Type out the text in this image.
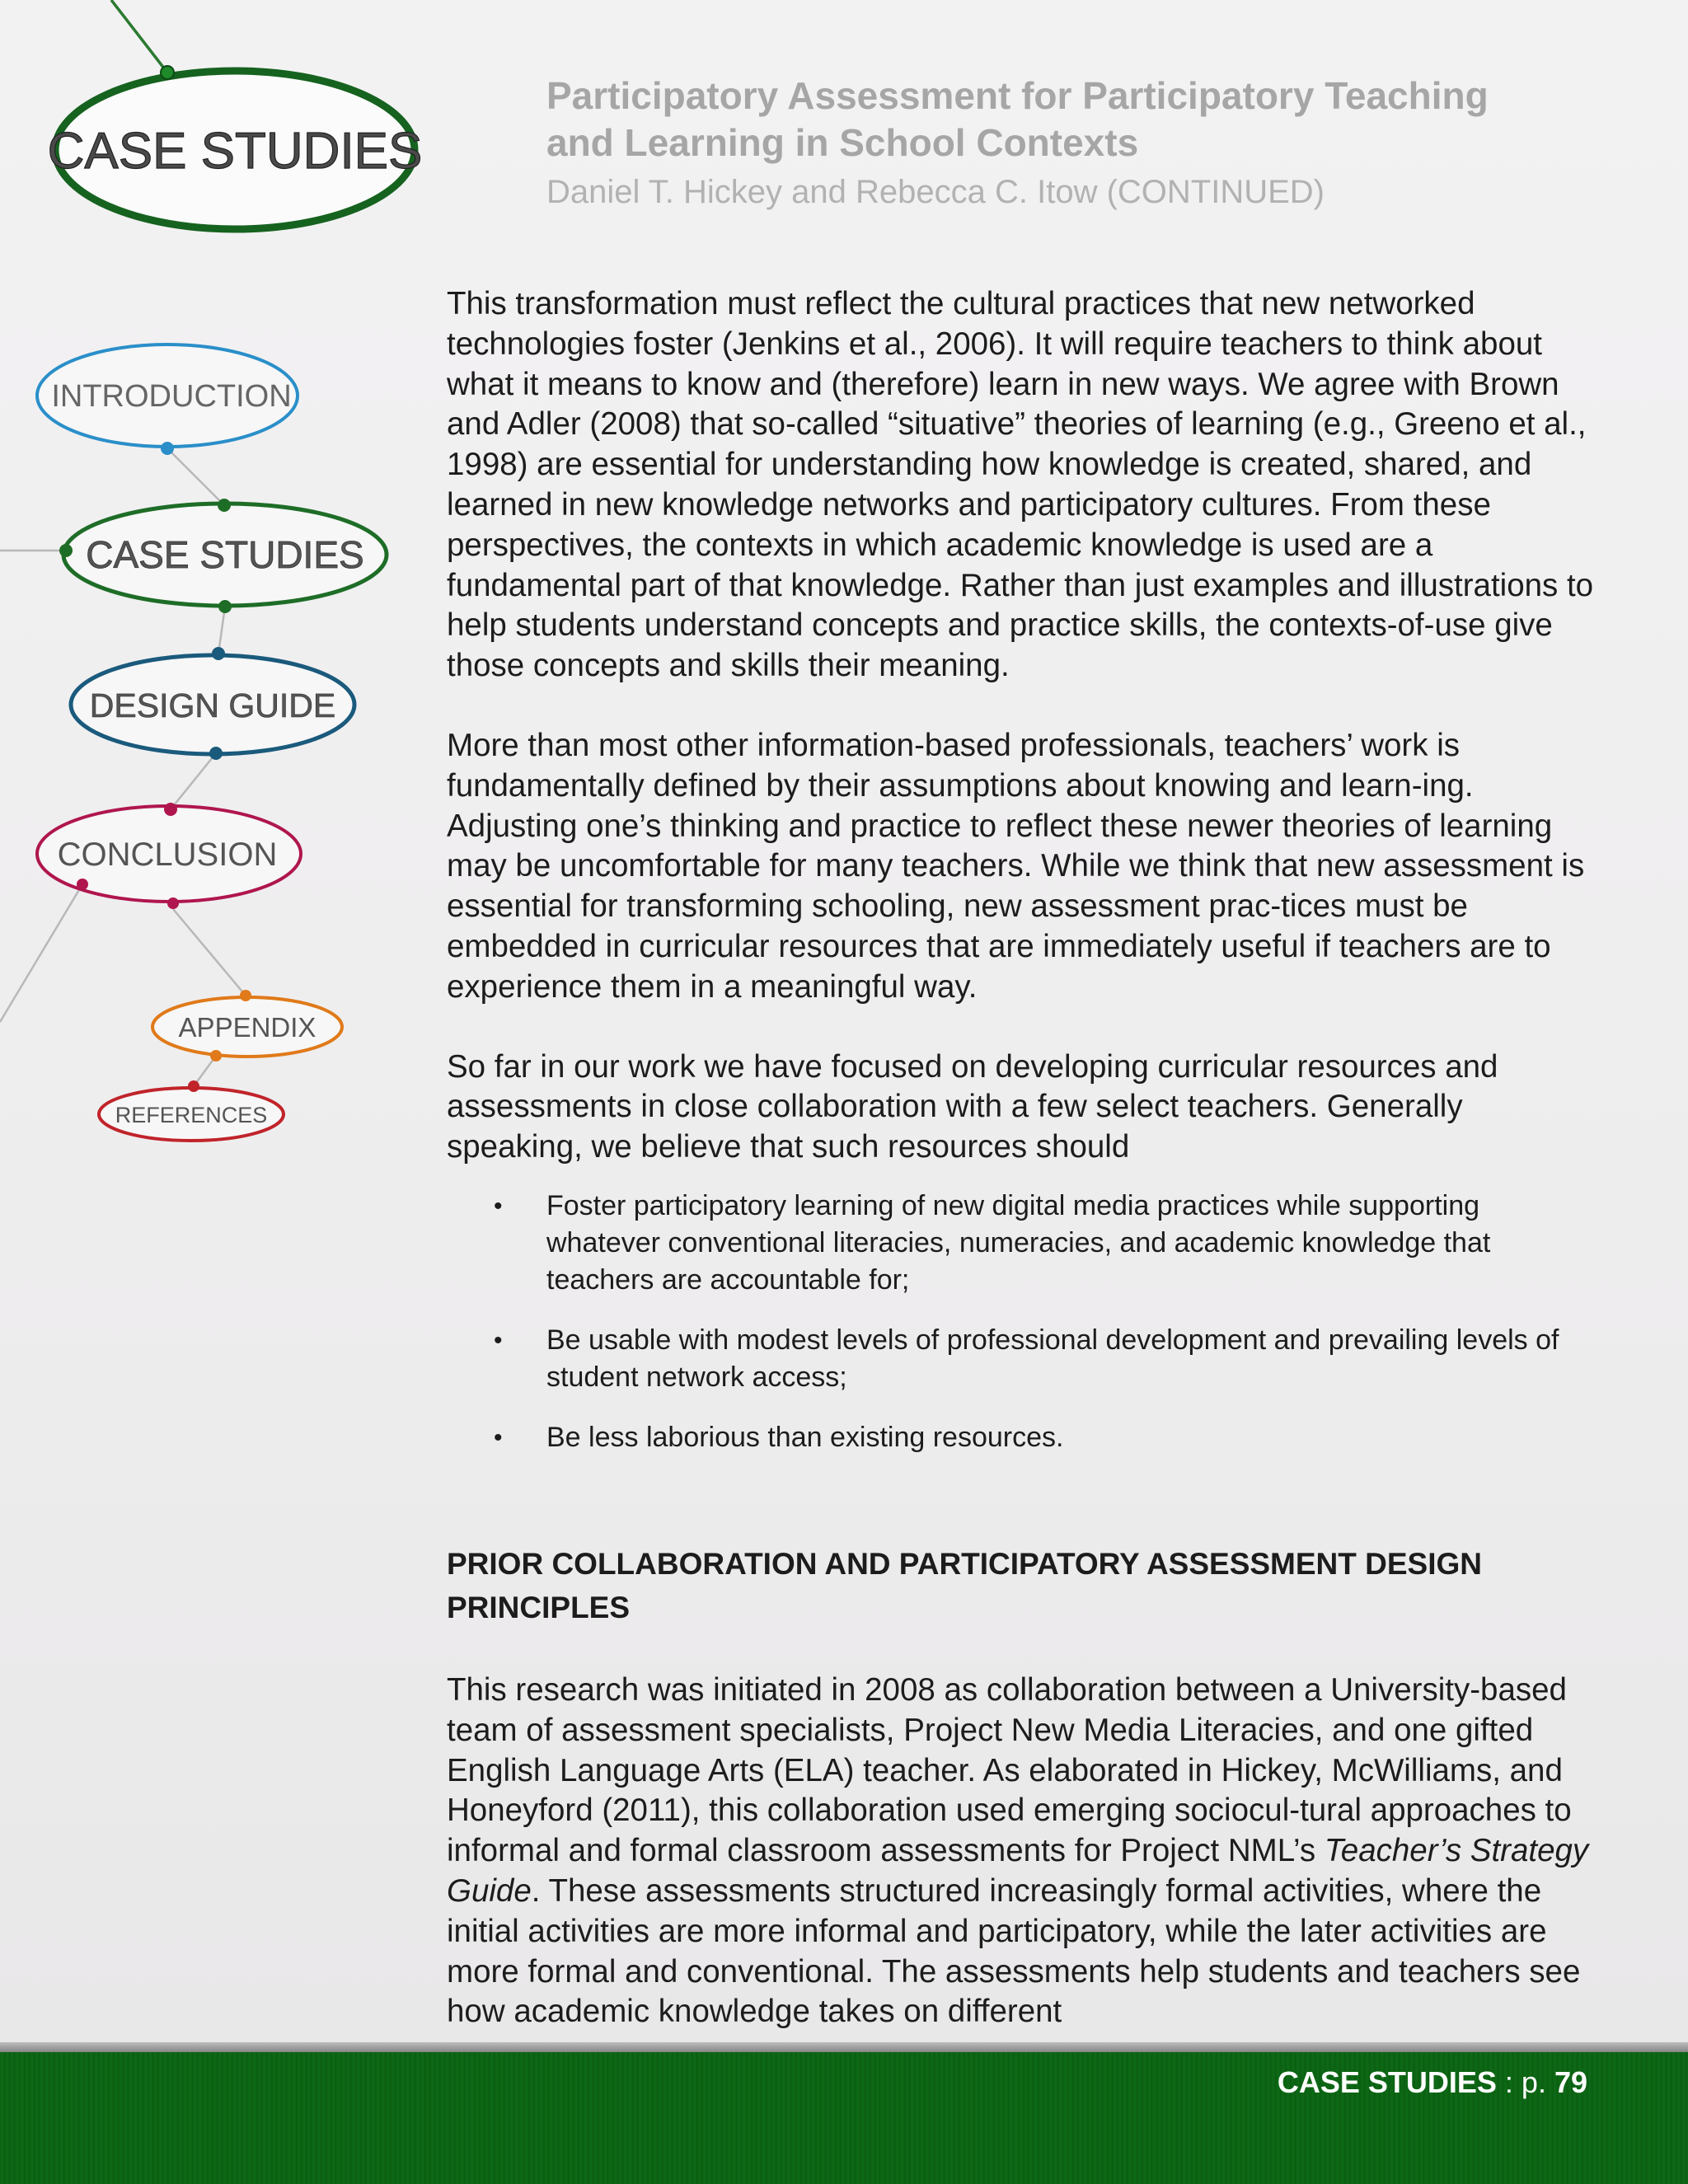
CASE STUDIES
INTRODUCTION
CASE STUDIES
DESIGN GUIDE
CONCLUSION
APPENDIX
REFERENCES
Participatory Assessment for Participatory Teaching
and Learning in School Contexts
Daniel T. Hickey and Rebecca C. Itow (CONTINUED)

This transformation must reflect the cultural practices that new networked technologies foster (Jenkins et al., 2006). It will require teachers to think about what it means to know and (therefore) learn in new ways. We agree with Brown and Adler (2008) that so-called “situative” theories of learning (e.g., Greeno et al., 1998) are essential for understanding how knowledge is created, shared, and learned in new knowledge networks and participatory cultures. From these perspectives, the contexts in which academic knowledge is used are a fundamental part of that knowledge. Rather than just examples and illustrations to help students understand concepts and practice skills, the contexts-of-use give those concepts and skills their meaning.

More than most other information-based professionals, teachers’ work is fundamentally defined by their assumptions about knowing and learn-ing. Adjusting one’s thinking and practice to reflect these newer theories of learning may be uncomfortable for many teachers. While we think that new assessment is essential for transforming schooling, new assessment prac-tices must be embedded in curricular resources that are immediately useful if teachers are to experience them in a meaningful way.

So far in our work we have focused on developing curricular resources and assessments in close collaboration with a few select teachers. Generally speaking, we believe that such resources should

• Foster participatory learning of new digital media practices while supporting whatever conventional literacies, numeracies, and academic knowledge that teachers are accountable for;
• Be usable with modest levels of professional development and prevailing levels of student network access;
• Be less laborious than existing resources.
PRIOR COLLABORATION AND PARTICIPATORY ASSESSMENT DESIGN PRINCIPLES

This research was initiated in 2008 as collaboration between a University-based team of assessment specialists, Project New Media Literacies, and one gifted English Language Arts (ELA) teacher. As elaborated in Hickey, McWilliams, and Honeyford (2011), this collaboration used emerging sociocul-tural approaches to informal and formal classroom assessments for Project NML’s Teacher’s Strategy Guide. These assessments structured increasingly formal activities, where the initial activities are more informal and participatory, while the later activities are more formal and conventional. The assessments help students and teachers see how academic knowledge takes on different

CASE STUDIES : p. 79
